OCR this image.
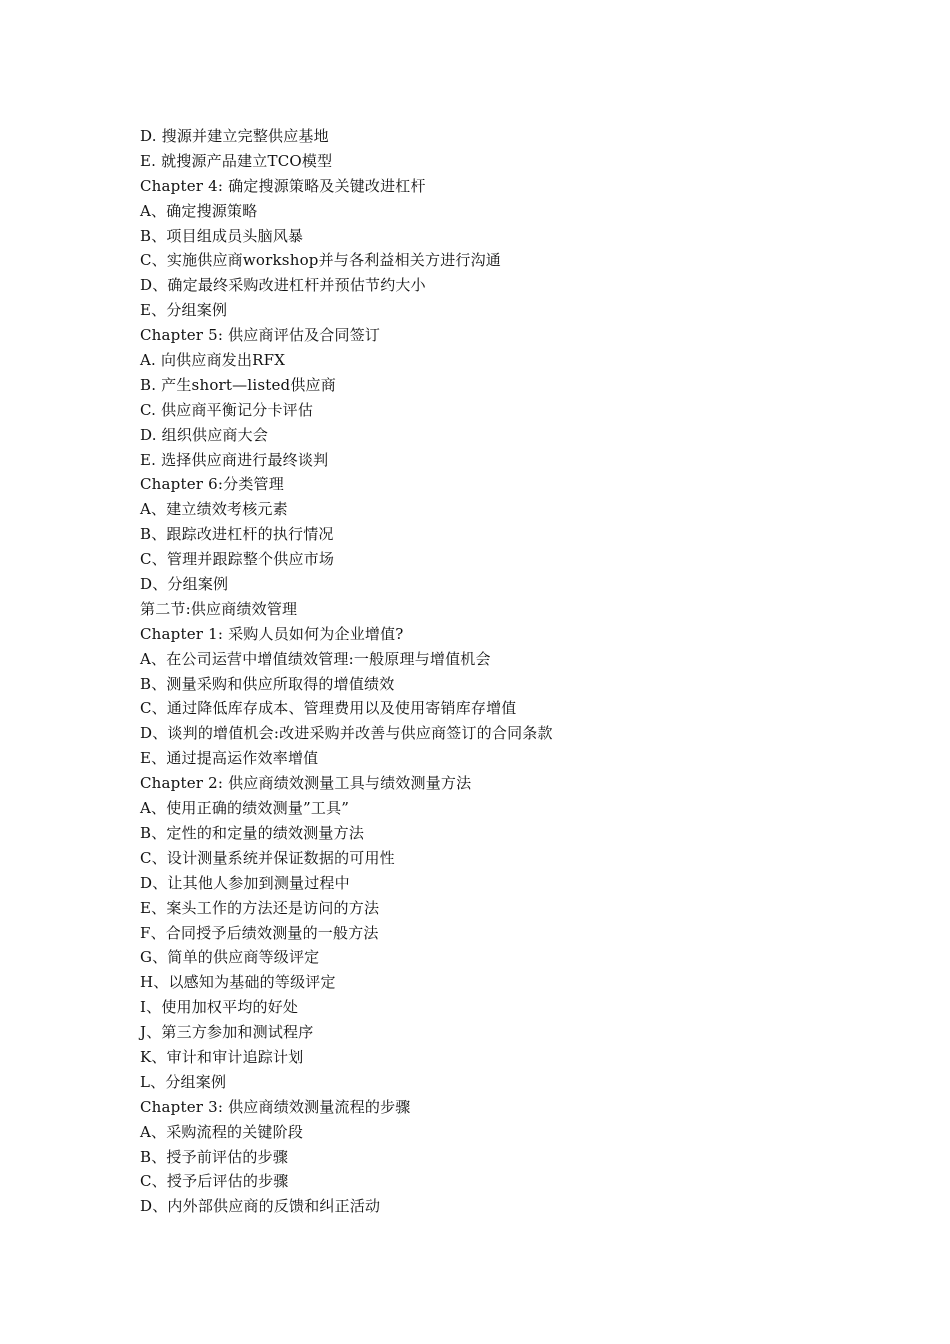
D. 搜源并建立完整供应基地
E. 就搜源产品建立TCO模型
Chapter 4: 确定搜源策略及关键改进杠杆
A、确定搜源策略
B、项目组成员头脑风暴
C、实施供应商workshop并与各利益相关方进行沟通
D、确定最终采购改进杠杆并预估节约大小
E、分组案例
Chapter 5: 供应商评估及合同签订
A. 向供应商发出RFX
B. 产生short—listed供应商
C. 供应商平衡记分卡评估
D. 组织供应商大会
E. 选择供应商进行最终谈判
Chapter 6:分类管理
A、建立绩效考核元素
B、跟踪改进杠杆的执行情况
C、管理并跟踪整个供应市场
D、分组案例
第二节:供应商绩效管理
Chapter 1: 采购人员如何为企业增值?
A、在公司运营中增值绩效管理:一般原理与增值机会
B、测量采购和供应所取得的增值绩效
C、通过降低库存成本、管理费用以及使用寄销库存增值
D、谈判的增值机会:改进采购并改善与供应商签订的合同条款
E、通过提高运作效率增值
Chapter 2: 供应商绩效测量工具与绩效测量方法
A、使用正确的绩效测量”工具”
B、定性的和定量的绩效测量方法
C、设计测量系统并保证数据的可用性
D、让其他人参加到测量过程中
E、案头工作的方法还是访问的方法
F、合同授予后绩效测量的一般方法
G、简单的供应商等级评定
H、以感知为基础的等级评定
I、使用加权平均的好处
J、第三方参加和测试程序
K、审计和审计追踪计划
L、分组案例
Chapter 3: 供应商绩效测量流程的步骤
A、采购流程的关键阶段
B、授予前评估的步骤
C、授予后评估的步骤
D、内外部供应商的反馈和纠正活动
